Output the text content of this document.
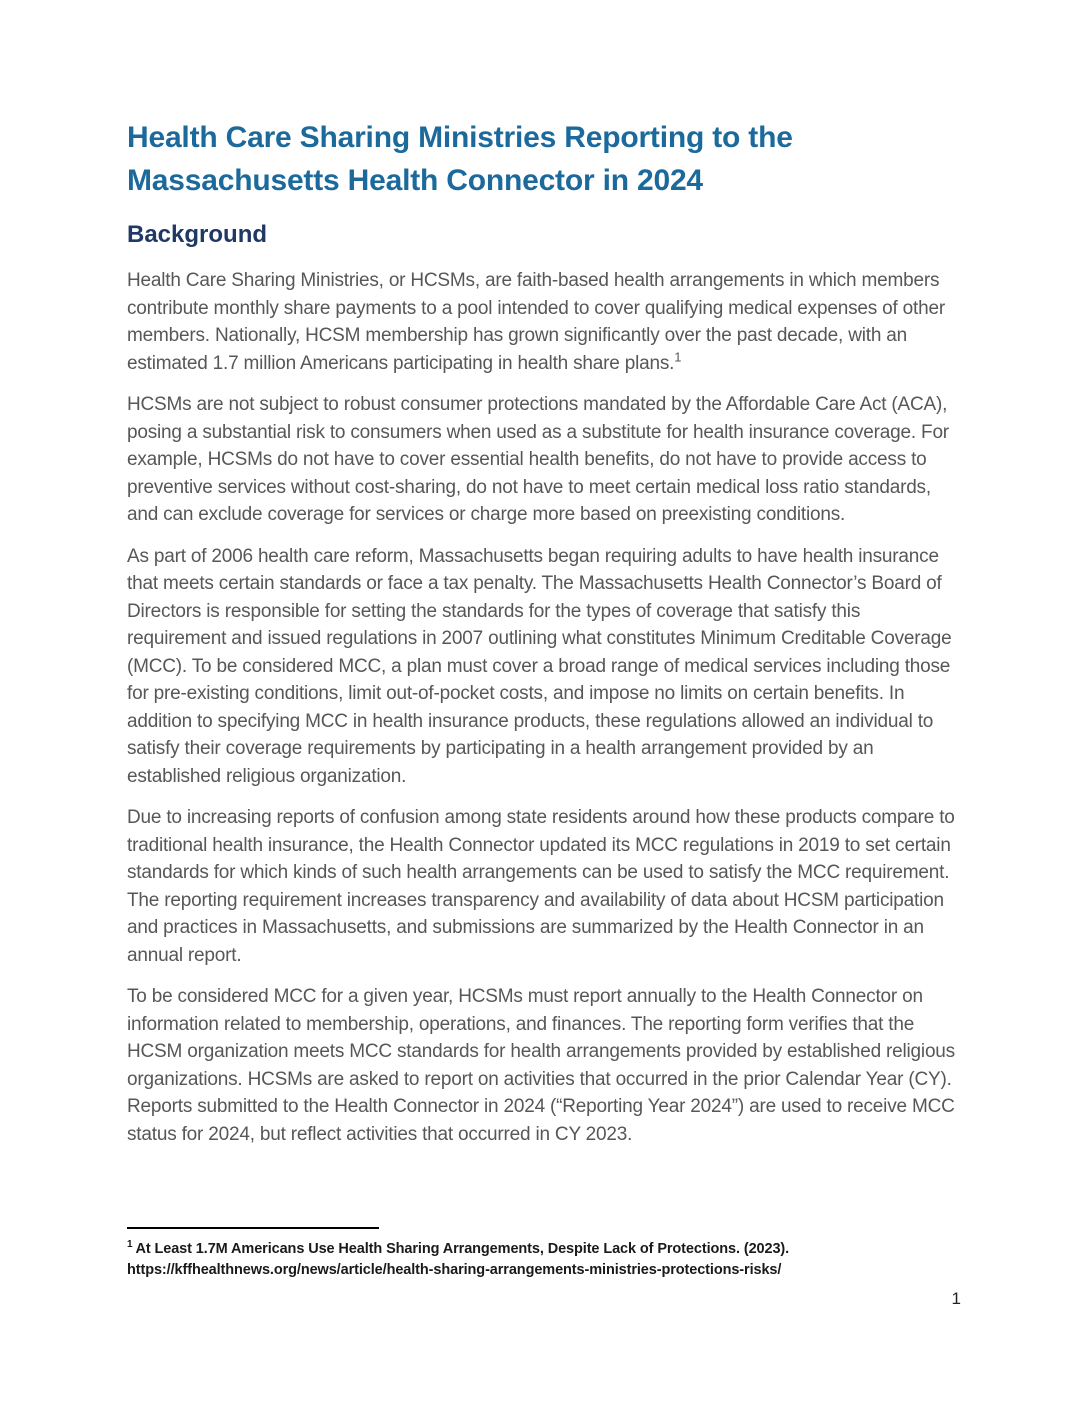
Health Care Sharing Ministries Reporting to the Massachusetts Health Connector in 2024
Background

Health Care Sharing Ministries, or HCSMs, are faith-based health arrangements in which members contribute monthly share payments to a pool intended to cover qualifying medical expenses of other members. Nationally, HCSM membership has grown significantly over the past decade, with an estimated 1.7 million Americans participating in health share plans.$^1$

HCSMs are not subject to robust consumer protections mandated by the Affordable Care Act (ACA), posing a substantial risk to consumers when used as a substitute for health insurance coverage. For example, HCSMs do not have to cover essential health benefits, do not have to provide access to preventive services without cost-sharing, do not have to meet certain medical loss ratio standards, and can exclude coverage for services or charge more based on preexisting conditions.

As part of 2006 health care reform, Massachusetts began requiring adults to have health insurance that meets certain standards or face a tax penalty. The Massachusetts Health Connector’s Board of Directors is responsible for setting the standards for the types of coverage that satisfy this requirement and issued regulations in 2007 outlining what constitutes Minimum Creditable Coverage (MCC). To be considered MCC, a plan must cover a broad range of medical services including those for pre-existing conditions, limit out-of-pocket costs, and impose no limits on certain benefits. In addition to specifying MCC in health insurance products, these regulations allowed an individual to satisfy their coverage requirements by participating in a health arrangement provided by an established religious organization.

Due to increasing reports of confusion among state residents around how these products compare to traditional health insurance, the Health Connector updated its MCC regulations in 2019 to set certain standards for which kinds of such health arrangements can be used to satisfy the MCC requirement. The reporting requirement increases transparency and availability of data about HCSM participation and practices in Massachusetts, and submissions are summarized by the Health Connector in an annual report.

To be considered MCC for a given year, HCSMs must report annually to the Health Connector on information related to membership, operations, and finances. The reporting form verifies that the HCSM organization meets MCC standards for health arrangements provided by established religious organizations. HCSMs are asked to report on activities that occurred in the prior Calendar Year (CY). Reports submitted to the Health Connector in 2024 (“Reporting Year 2024”) are used to receive MCC status for 2024, but reflect activities that occurred in CY 2023.

$^1$ At Least 1.7M Americans Use Health Sharing Arrangements, Despite Lack of Protections. (2023). https://kffhealthnews.org/news/article/health-sharing-arrangements-ministries-protections-risks/
1
